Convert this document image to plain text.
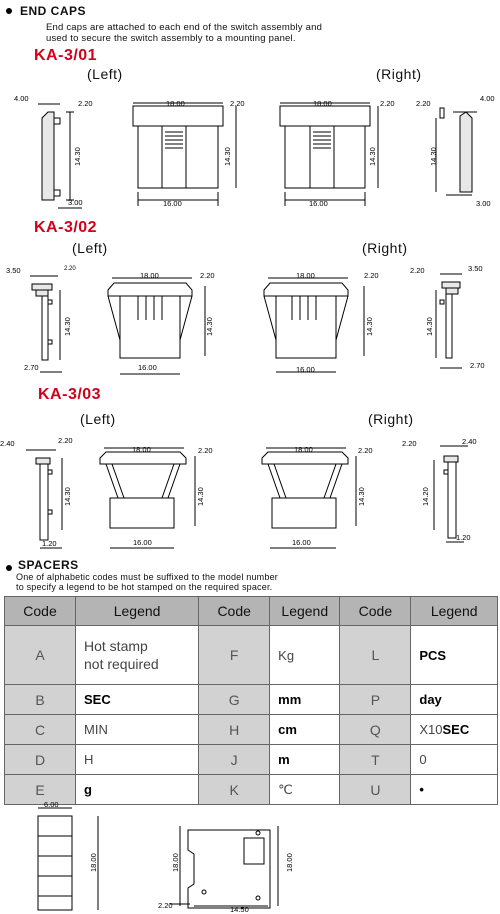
END CAPS
End caps are attached to each end of the switch assembly and
used to secure the switch assembly to a mounting panel.
KA-3/01
(Left)	(Right)
KA-3/02
(Left)	(Right)
KA-3/03
(Left)	(Right)
4.00
2.20
3.00
18.00	2.20
16.00
18.00	2.20
16.00
2.20
4.00
3.00
3.50	2.20
2.70
18.00	2.20
16.00
18.00	2.20
16.00
2.20	3.50
2.70
2.40	2.20
1.20
18.00	2.20
16.00
18.00	2.20
16.00
2.20	2.40
1.20
14.30	14.30	14.30	14.30
14.30	14.30	14.30	14.30
14.30	14.30	14.30	14.20
SPACERS
One of alphabetic codes must be suffixed to the model number
to specify a legend to be hot stamped on the required spacer.
Code	Legend	Code	Legend	Code	Legend
A	Hot stamp
not required	F	Kg	L	PCS
B	SEC	G	mm	P	day
C	MIN	H	cm	Q	X10SEC
D	H	J	m	T	0
E	g	K	℃	U	•
6.00
18.00	18.00	18.00
2.20	14.50
